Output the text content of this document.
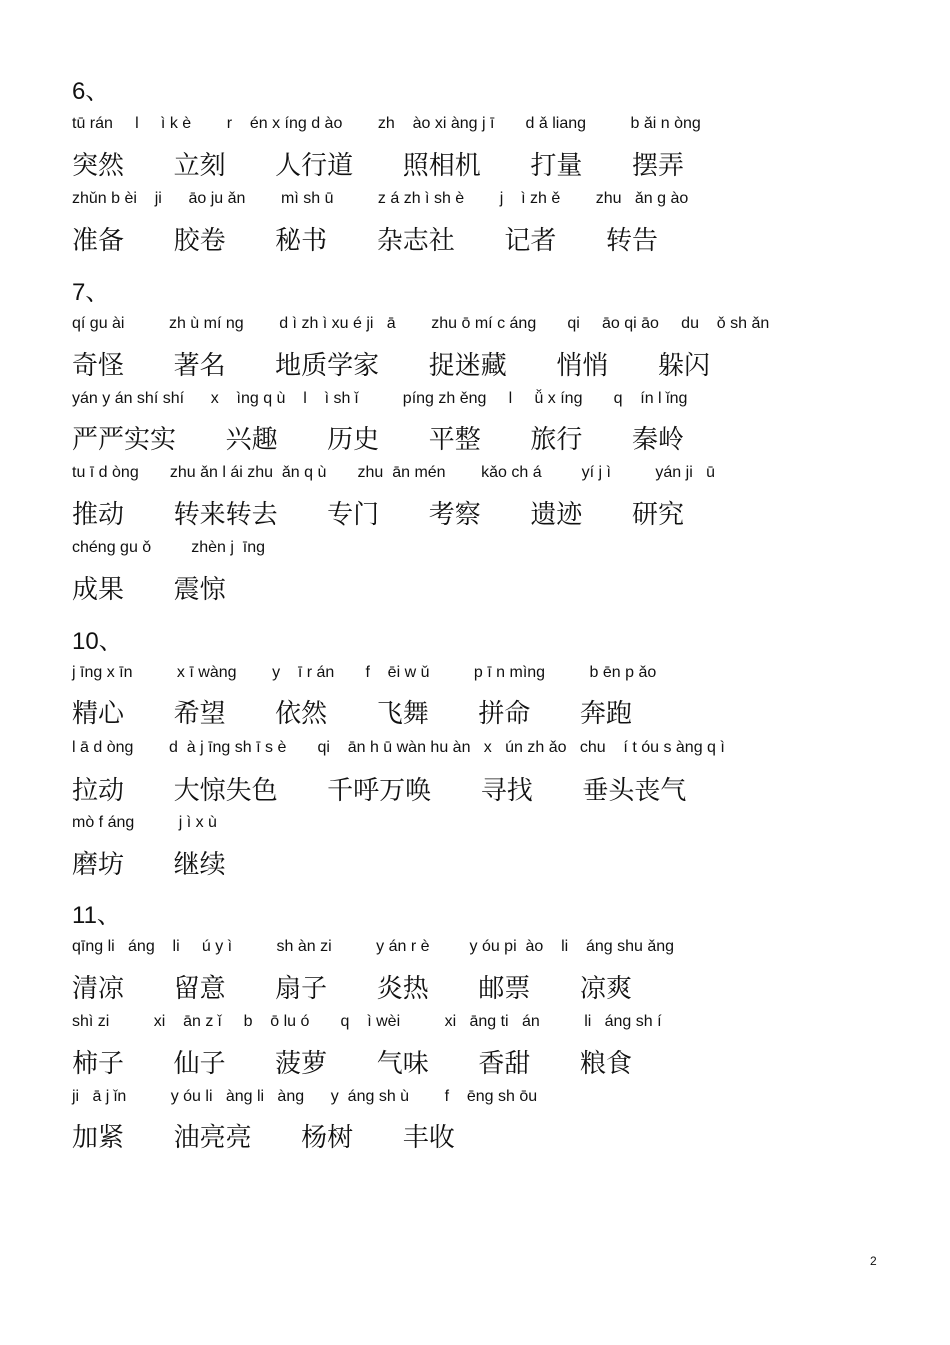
6、
tū rán     l     ì k è        r    én x íng d ào        zh    ào xi àng j ī       d ǎ liang          b ǎi n òng
突然      立刻      人行道      照相机      打量      摆弄
zhǔn b èi    ji      āo ju ǎn        mì sh ū          z á zh ì sh è        j    ì zh ě        zhu   ǎn g ào
准备      胶卷      秘书      杂志社      记者      转告
7、
qí gu ài          zh ù mí ng        d ì zh ì xu é ji   ā        zhu ō mí c áng       qi     āo qi āo     du    ǒ sh ǎn
奇怪      著名      地质学家      捉迷藏      悄悄      躲闪
yán y án shí shí      x    ìng q ù    l    ì sh ǐ          píng zh ěng     l     ǚ x íng       q    ín l ǐng
严严实实      兴趣      历史      平整      旅行      秦岭
tu ī d òng       zhu ǎn l ái zhu  ǎn q ù       zhu  ān mén        kǎo ch á         yí j ì          yán ji   ū
推动      转来转去      专门      考察      遗迹      研究
chéng gu ǒ         zhèn j  īng
成果      震惊
10、
j īng x īn          x ī wàng        y    ī r án       f    ēi w ǔ          p ī n mìng          b ēn p ǎo
精心      希望      依然      飞舞      拼命      奔跑
l ā d òng        d  à j īng sh ī s è       qi    ān h ū wàn hu àn   x   ún zh ǎo   chu    í t óu s àng q ì
拉动      大惊失色      千呼万唤      寻找      垂头丧气
mò f áng          j ì x ù
磨坊      继续
11、
qīng li   áng    li     ú y ì          sh àn zi          y án r è         y óu pi  ào    li    áng shu ǎng
清凉      留意      扇子      炎热      邮票      凉爽
shì zi          xi    ān z ǐ     b    ō lu ó       q    ì wèi          xi   āng ti   án          li   áng sh í
柿子      仙子      菠萝      气味      香甜      粮食
ji   ā j ǐn          y óu li   àng li   àng      y  áng sh ù        f    ēng sh ōu
加紧      油亮亮      杨树      丰收
2
